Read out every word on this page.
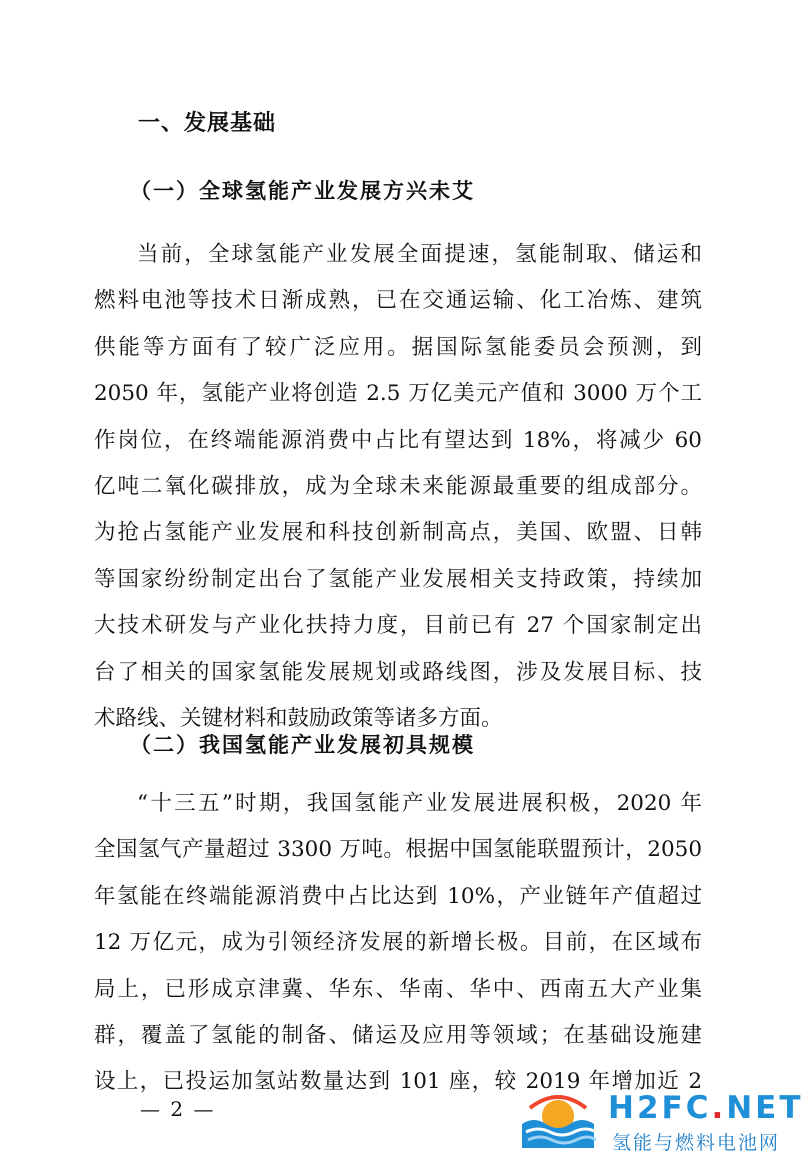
一、发展基础
（一）全球氢能产业发展方兴未艾
当前，全球氢能产业发展全面提速，氢能制取、储运和
燃料电池等技术日渐成熟，已在交通运输、化工冶炼、建筑
供能等方面有了较广泛应用。据国际氢能委员会预测，到
2050 年，氢能产业将创造 2.5 万亿美元产值和 3000 万个工
作岗位，在终端能源消费中占比有望达到 18%，将减少 60
亿吨二氧化碳排放，成为全球未来能源最重要的组成部分。
为抢占氢能产业发展和科技创新制高点，美国、欧盟、日韩
等国家纷纷制定出台了氢能产业发展相关支持政策，持续加
大技术研发与产业化扶持力度，目前已有 27 个国家制定出
台了相关的国家氢能发展规划或路线图，涉及发展目标、技
术路线、关键材料和鼓励政策等诸多方面。
（二）我国氢能产业发展初具规模
“十三五”时期，我国氢能产业发展进展积极，2020 年
全国氢气产量超过 3300 万吨。根据中国氢能联盟预计，2050
年氢能在终端能源消费中占比达到 10%，产业链年产值超过
12 万亿元，成为引领经济发展的新增长极。目前，在区域布
局上，已形成京津冀、华东、华南、华中、西南五大产业集
群，覆盖了氢能的制备、储运及应用等领域；在基础设施建
设上，已投运加氢站数量达到 101 座，较 2019 年增加近 2
— 2 —	H2FC.NET
氢能与燃料电池网
